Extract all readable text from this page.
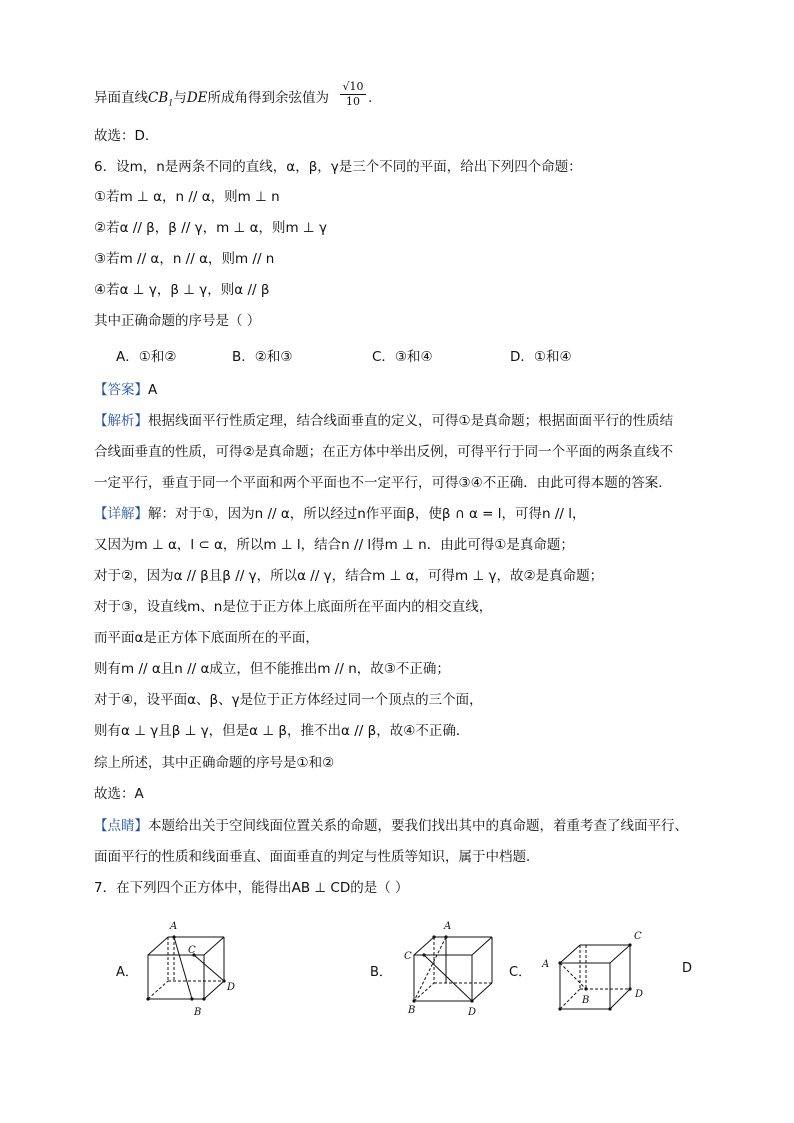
异面直线$CB_1$与DE所成角得到余弦值为 $\frac{√10}{10}$ .
故选：D.
6．设m，n是两条不同的直线，α，β，γ是三个不同的平面，给出下列四个命题：
①若m ⊥ α，n // α，则m ⊥ n
②若α // β，β // γ，m ⊥ α，则m ⊥ γ
③若m // α，n // α，则m // n
④若α ⊥ γ，β ⊥ γ，则α // β
其中正确命题的序号是（ ）
A．①和②	B．②和③	C．③和④	D．①和④
【答案】A
【解析】根据线面平行性质定理，结合线面垂直的定义，可得①是真命题；根据面面平行的性质结
合线面垂直的性质，可得②是真命题；在正方体中举出反例，可得平行于同一个平面的两条直线不
一定平行，垂直于同一个平面和两个平面也不一定平行，可得③④不正确．由此可得本题的答案．
【详解】解：对于①，因为n // α，所以经过n作平面β，使β ∩ α = l，可得n // l，
又因为m ⊥ α，l ⊂ α，所以m ⊥ l，结合n // l得m ⊥ n．由此可得①是真命题；
对于②，因为α // β且β // γ，所以α // γ，结合m ⊥ α，可得m ⊥ γ，故②是真命题；
对于③，设直线m、n是位于正方体上底面所在平面内的相交直线，
而平面α是正方体下底面所在的平面，
则有m // α且n // α成立，但不能推出m // n，故③不正确；
对于④，设平面α、β、γ是位于正方体经过同一个顶点的三个面，
则有α ⊥ γ且β ⊥ γ，但是α ⊥ β，推不出α // β，故④不正确．
综上所述，其中正确命题的序号是①和②
故选：A
【点睛】本题给出关于空间线面位置关系的命题，要我们找出其中的真命题，着重考查了线面平行、
面面平行的性质和线面垂直、面面垂直的判定与性质等知识，属于中档题．
7．在下列四个正方体中，能得出AB ⊥ CD的是（ ）
A．	B．	C．	D
A
C
D
B
A
C
B	D
A
B
C
D
